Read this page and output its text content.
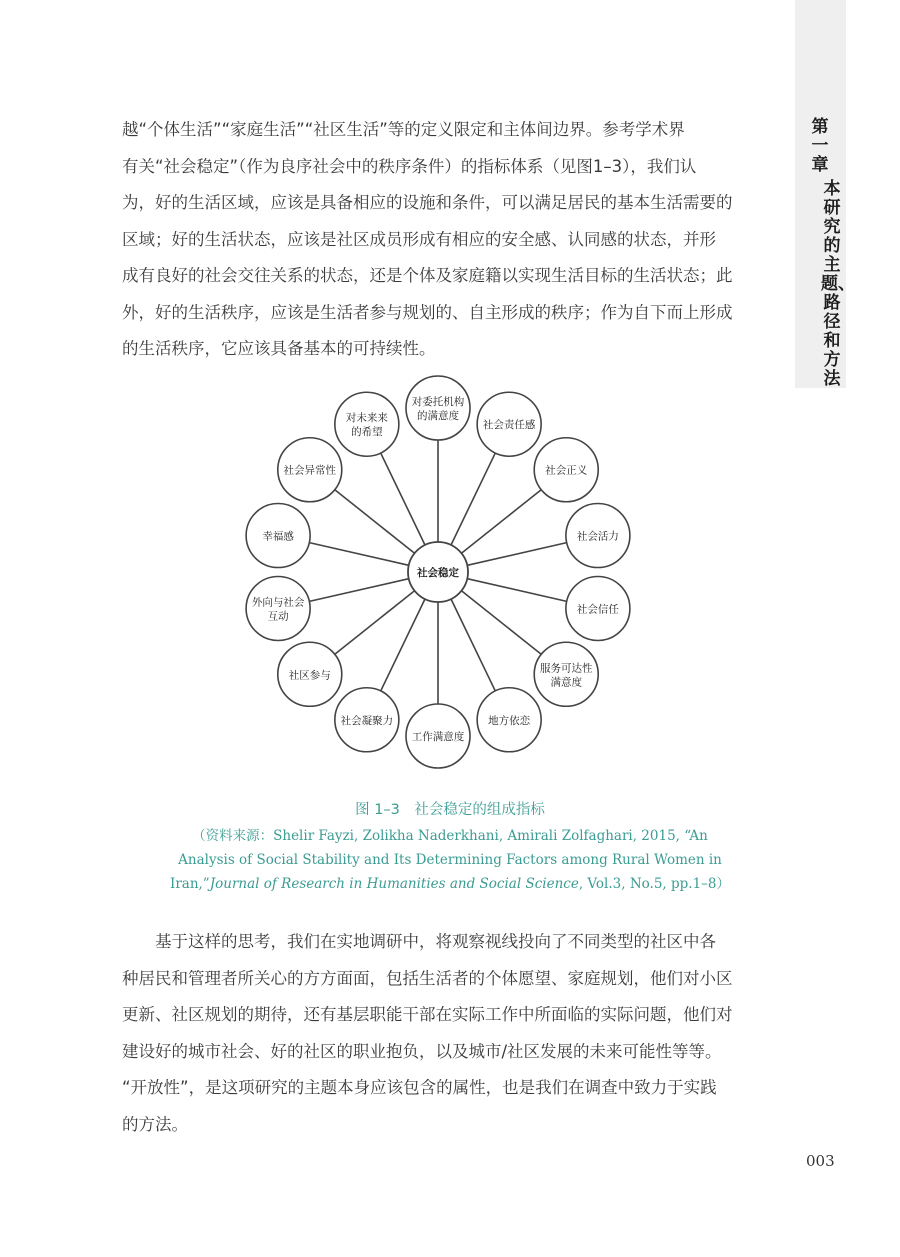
第一章
本研究的主题、路径和方法
越“个体生活”“家庭生活”“社区生活”等的定义限定和主体间边界。参考学术界
有关“社会稳定”（作为良序社会中的秩序条件）的指标体系（见图1–3），我们认
为，好的生活区域，应该是具备相应的设施和条件，可以满足居民的基本生活需要的
区域；好的生活状态，应该是社区成员形成有相应的安全感、认同感的状态，并形
成有良好的社会交往关系的状态，还是个体及家庭籍以实现生活目标的生活状态；此
外，好的生活秩序，应该是生活者参与规划的、自主形成的秩序；作为自下而上形成
的生活秩序，它应该具备基本的可持续性。
对委托机构
的满意度
社会责任感
社会正义
社会活力
社会信任
服务可达性
满意度
地方依恋
工作满意度
社会凝聚力
社区参与
外向与社会
互动
幸福感
社会异常性
对未来来
的希望
社会稳定
图 1–3　社会稳定的组成指标
（资料来源：Shelir Fayzi, Zolikha Naderkhani, Amirali Zolfaghari, 2015, “An
Analysis of Social Stability and Its Determining Factors among Rural Women in
Iran,”Journal of Research in Humanities and Social Science, Vol.3, No.5, pp.1–8）
　　基于这样的思考，我们在实地调研中，将观察视线投向了不同类型的社区中各
种居民和管理者所关心的方方面面，包括生活者的个体愿望、家庭规划，他们对小区
更新、社区规划的期待，还有基层职能干部在实际工作中所面临的实际问题，他们对
建设好的城市社会、好的社区的职业抱负，以及城市/社区发展的未来可能性等等。
“开放性”，是这项研究的主题本身应该包含的属性，也是我们在调查中致力于实践
的方法。
003
